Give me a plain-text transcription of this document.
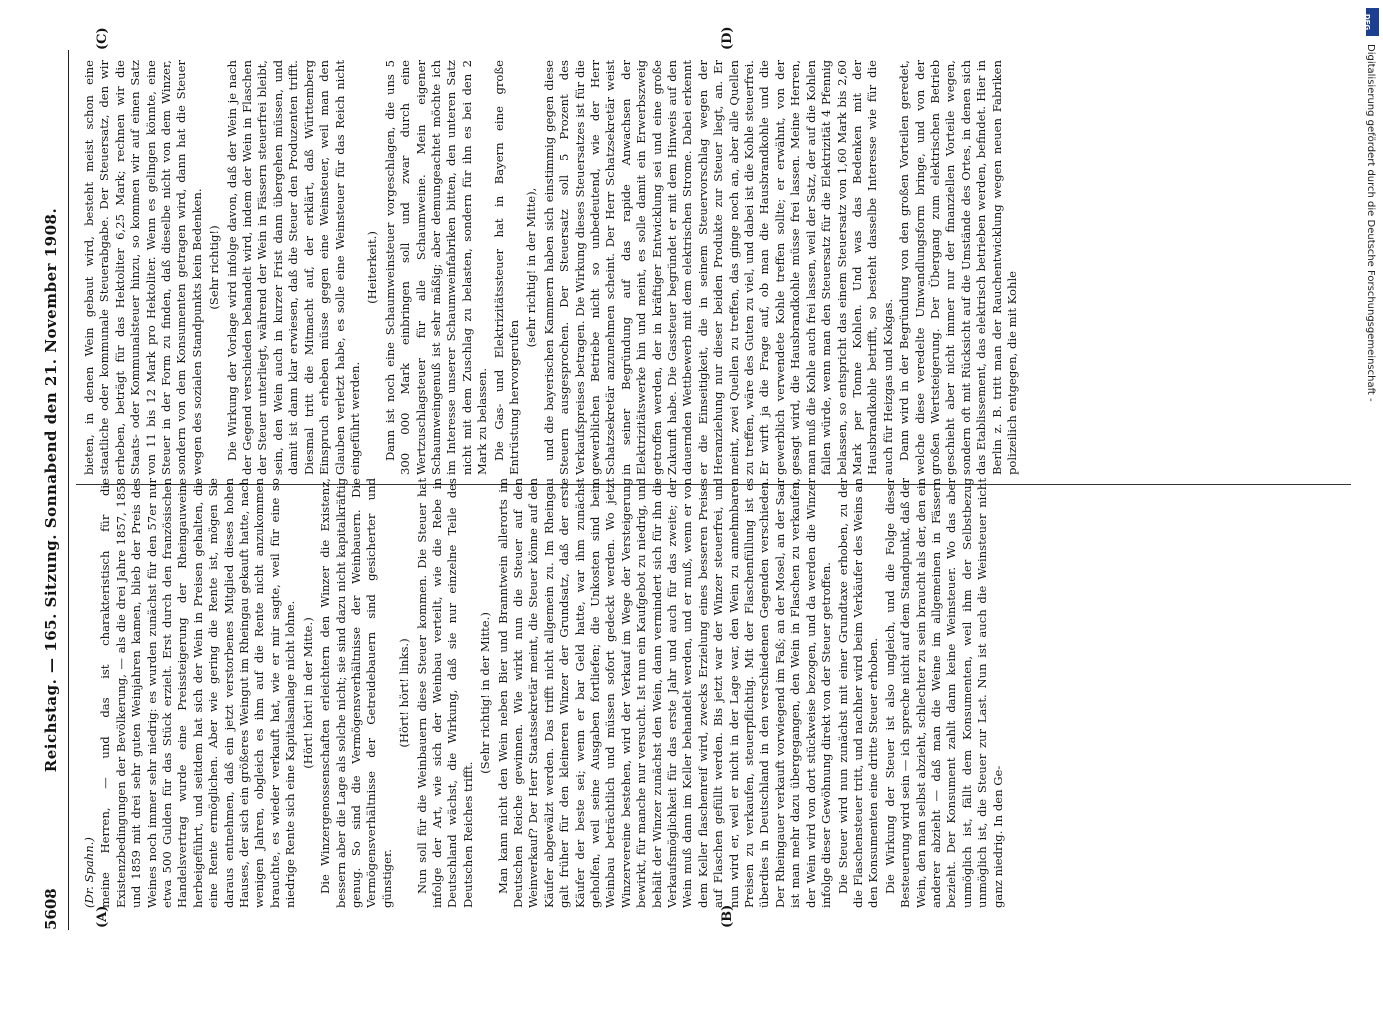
5608
Reichstag. — 165. Sitzung. Sonnabend den 21. November 1908.
(A)	(B)
(C)	(D)

(Dr. Spahn.) meine Herren, — und das ist charakteristisch für die Existenzbedingungen der Bevölkerung, — als die drei Jahre 1857, 1858 und 1859 mit drei sehr guten Weinjahren kamen, blieb der Preis des Weines noch immer sehr niedrig: es wurden zunächst für den 57er nur etwa 500 Gulden für das Stück erzielt. Erst durch den französischen Handelsvertrag wurde eine Preissteigerung der Rheingauweine herbeigeführt, und seitdem hat sich der Wein in Preisen gehalten, die eine Rente ermöglichen. Aber wie gering die Rente ist, mögen Sie daraus entnehmen, daß ein jetzt verstorbenes Mitglied dieses hohen Hauses, der sich ein größeres Weingut im Rheingau gekauft hatte, nach wenigen Jahren, obgleich es ihm auf die Rente nicht anzukommen brauchte, es wieder verkauft hat, wie er mir sagte, weil für eine so niedrige Rente sich eine Kapitalsanlage nicht lohne. (Hört! hört! in der Mitte.) Die Winzergenossenschaften erleichtern den Winzer die Existenz, bessern aber die Lage als solche nicht; sie sind dazu nicht kapitalkräftig genug. So sind die Vermögensverhältnisse der Weinbauern. Die Vermögensverhältnisse der Getreidebauern sind gesicherter und günstiger.

(Hört! hört! links.) Nun soll für die Weinbauern diese Steuer kommen. Die Steuer hat infolge der Art, wie sich der Weinbau verteilt, wie die Rebe in Deutschland wächst, die Wirkung, daß sie nur einzelne Teile des Deutschen Reiches trifft.

(Sehr richtig! in der Mitte.) Man kann nicht den Wein neben Bier und Branntwein allerorts im Deutschen Reiche gewinnen. Wie wirkt nun die Steuer auf den Weinverkauf? Der Herr Staatssekretär meint, die Steuer könne auf den Käufer abgewälzt werden. Das trifft nicht allgemein zu. Im Rheingau galt früher für den kleineren Winzer der Grundsatz, daß der erste Käufer der beste sei; wenn er bar Geld hatte, war ihm zunächst geholfen, weil seine Ausgaben fortliefen; die Unkosten sind beim Weinbau beträchtlich und müssen sofort gedeckt werden. Wo jetzt Winzervereine bestehen, wird der Verkauf im Wege der Versteigerung bewirkt, für manche nur versucht. Ist nun ein Kaufgebot zu niedrig, und behält der Winzer zunächst den Wein, dann vermindert sich für ihn die Verkaufsmöglichkeit für das erste Jahr und auch für das zweite; der Wein muß dann im Keller behandelt werden, und er muß, wenn er von dem Keller flaschenreif wird, zwecks Erzielung eines besseren Preises auf Flaschen gefüllt werden. Bis jetzt war der Winzer steuerfrei, und nun wird er, weil er nicht in der Lage war, den Wein zu annehmbaren Preisen zu verkaufen, steuerpflichtig. Mit der Flaschenfüllung ist es überdies in Deutschland in den verschiedenen Gegenden verschieden. Der Rheingauer verkauft vorwiegend im Faß; an der Mosel, an der Saar ist man mehr dazu übergegangen, den Wein in Flaschen zu verkaufen, der Wein wird von dort stückweise bezogen, und da werden die Winzer infolge dieser Gewöhnung direkt von der Steuer getroffen. Die Steuer wird nun zunächst mit einer Grundtaxe erhoben, zu der die Flaschensteuer tritt, und nachher wird beim Verkäufer des Weins an den Konsumenten eine dritte Steuer erhoben. Die Wirkung der Steuer ist also ungleich, und die Folge dieser Besteuerung wird sein — ich spreche nicht auf dem Standpunkt, daß der Wein, den man selbst abzieht, schlechter zu sein braucht als der, den ein anderer abzieht — daß man die Weine im allgemeinen in Fässern bezieht. Der Konsument zahlt dann keine Weinsteuer. Wo das aber unmöglich ist, fällt dem Konsumenten, weil ihm der Selbstbezug unmöglich ist, die Steuer zur Last. Nun ist auch die Weinsteuer nicht ganz niedrig. In den Ge-

bieten, in denen Wein gebaut wird, besteht meist schon eine staatliche oder kommunale Steuerabgabe. Der Steuersatz, den wir erheben, beträgt für das Hektoliter 6,25 Mark; rechnen wir die Staats- oder Kommunalsteuer hinzu, so kommen wir auf einen Satz von 11 bis 12 Mark pro Hektoliter. Wenn es gelingen könnte, eine Steuer in der Form zu finden, daß dieselbe nicht von dem Winzer, sondern von dem Konsumenten getragen wird, dann hat die Steuer wegen des sozialen Standpunkts kein Bedenken. (Sehr richtig!) Die Wirkung der Vorlage wird infolge davon, daß der Wein je nach der Gegend verschieden behandelt wird, indem der Wein in Flaschen der Steuer unterliegt, während der Wein in Fässern steuerfrei bleibt, sein, den Wein auch in kurzer Frist dann übergehen müssen, und damit ist dann klar erwiesen, daß die Steuer den Produzenten trifft. Diesmal tritt die Mitmacht auf, der erklärt, daß Württemberg Einspruch erheben müsse gegen eine Weinsteuer, weil man den Glauben verletzt habe, es solle eine Weinsteuer für das Reich nicht eingeführt werden.

(Heiterkeit.) Dann ist noch eine Schaumweinsteuer vorgeschlagen, die uns 5 300 000 Mark einbringen soll und zwar durch eine Wertzuschlagsteuer für alle Schaumweine. Mein eigener Schaumweingenuß ist sehr mäßig; aber demungeachtet möchte ich im Interesse unserer Schaumweinfabriken bitten, den unteren Satz nicht mit dem Zuschlag zu belasten, sondern für ihn es bei den 2 Mark zu belassen. Die Gas- und Elektrizitätssteuer hat in Bayern eine große Entrüstung hervorgerufen

(sehr richtig! in der Mitte), und die bayerischen Kammern haben sich einstimmig gegen diese Steuern ausgesprochen. Der Steuersatz soll 5 Prozent des Verkaufspreises betragen. Die Wirkung dieses Steuersatzes ist für die gewerblichen Betriebe nicht so unbedeutend, wie der Herr Schatzsekretär anzunehmen scheint. Der Herr Schatzsekretär weist in seiner Begründung auf das rapide Anwachsen der Elektrizitätswerke hin und meint, es solle damit ein Erwerbszweig getroffen werden, der in kräftiger Entwicklung sei und eine große Zukunft habe. Die Gassteuer begründet er mit dem Hinweis auf den dauernden Wettbewerb mit dem elektrischen Strome. Dabei erkennt er die Einseitigkeit, die in seinem Steuervorschlag wegen der Heranziehung nur dieser beiden Produkte zur Steuer liegt, an. Er meint, zwei Quellen zu treffen, das ginge noch an, aber alle Quellen zu treffen, wäre des Guten zu viel, und dabei ist die Kohle steuerfrei. Er wirft ja die Frage auf, ob man die Hausbrandkohle und die gewerblich verwendete Kohle treffen sollte; er erwähnt, von der gesagt wird, die Hausbrandkohle müsse frei lassen. Meine Herren, man muß die Kohle auch frei lassen, weil der Satz, der auf die Kohlen fallen würde, wenn man den Steuersatz für die Elektrizität 4 Pfennig belassen, so entspricht das einem Steuersatz von 1,60 Mark bis 2,60 Mark per Tonne Kohlen. Und was das Bedenken mit der Hausbrandkohle betrifft, so besteht dasselbe Interesse wie für die auch für Heizgas und Kokgas. Dann wird in der Begründung von den großen Vorteilen geredet, welche diese veredelte Umwandlungsform bringe, und von der großen Wertsteigerung. Der Übergang zum elektrischen Betrieb geschieht aber nicht immer nur der finanziellen Vorteile wegen, sondern oft mit Rücksicht auf die Umstände des Ortes, in denen sich das Etablissement, das elektrisch betrieben werden, befindet. Hier in Berlin z. B. tritt man der Rauchentwicklung wegen neuen Fabriken polizeilich entgegen, die mit Kohle

DFG
Digitalisierung gefördert durch die Deutsche Forschungsgemeinschaft -
